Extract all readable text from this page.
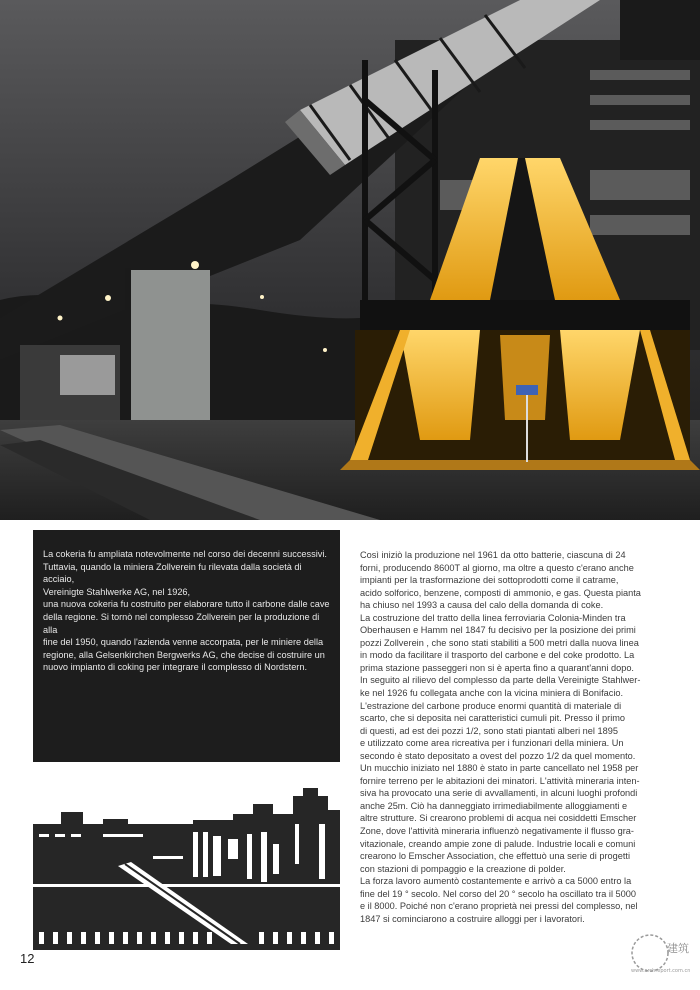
La cokeria fu ampliata notevolmente nel corso dei decenni successivi.

Tuttavia, quando la miniera Zollverein fu rilevata dalla società di acciaio,

Vereinigte Stahlwerke AG, nel 1926,

una nuova cokeria fu costruito per elaborare tutto il carbone dalle cave

della regione. Si tornò nel complesso Zollverein per la produzione di alla

fine del 1950, quando l'azienda venne accorpata, per le miniere della

regione, alla Gelsenkirchen Bergwerks AG, che decise di costruire un

nuovo impianto di coking per integrare il complesso di Nordstern.

Così iniziò la produzione nel 1961 da otto batterie, ciascuna di 24

forni, producendo 8600T al giorno, ma oltre a questo c'erano anche

impianti per la trasformazione dei sottoprodotti come il catrame,

acido solforico, benzene, composti di ammonio, e gas. Questa pianta

ha chiuso nel 1993 a causa del calo della domanda di coke.

La costruzione del tratto della linea ferroviaria Colonia-Minden tra

Oberhausen e Hamm nel 1847 fu decisivo per la posizione dei primi

pozzi Zollverein , che sono stati stabiliti a 500 metri dalla nuova linea

in modo da facilitare il trasporto del carbone e del coke prodotto. La

prima stazione passeggeri non si è aperta fino a quarant'anni dopo.

In seguito al rilievo del complesso da parte della Vereinigte Stahlwer-

ke nel 1926 fu collegata anche con la vicina miniera di Bonifacio.

L'estrazione del carbone produce enormi quantità di materiale di

scarto, che si deposita nei caratteristici cumuli pit. Presso il primo

di questi, ad est dei pozzi 1/2, sono stati piantati alberi nel 1895

e utilizzato come area ricreativa per i funzionari della miniera. Un

secondo è stato depositato a ovest del pozzo 1/2 da quel momento.

Un mucchio iniziato nel 1880 è stato in parte cancellato nel 1958 per

fornire terreno per le abitazioni dei minatori. L'attività mineraria inten-

siva ha provocato una serie di avvallamenti, in alcuni luoghi profondi

anche 25m. Ciò ha danneggiato irrimediabilmente alloggiamenti e

altre strutture. Si crearono problemi di acqua nei cosiddetti Emscher

Zone, dove l'attività mineraria influenzò negativamente il flusso gra-

vitazionale, creando ampie zone di palude. Industrie locali e comuni

crearono lo Emscher Association, che effettuò una serie di progetti

con stazioni di pompaggio e la creazione di polder.

La forza lavoro aumentò costantemente e arrivò a ca 5000 entro la

fine del 19 ° secolo. Nel corso del 20 ° secolo ha oscillato tra il 5000

e il 8000. Poiché non c'erano proprietà nei pressi del complesso, nel

1847 si cominciarono a costruire alloggi per i lavoratori.

12
建筑
www.archreport.com.cn
